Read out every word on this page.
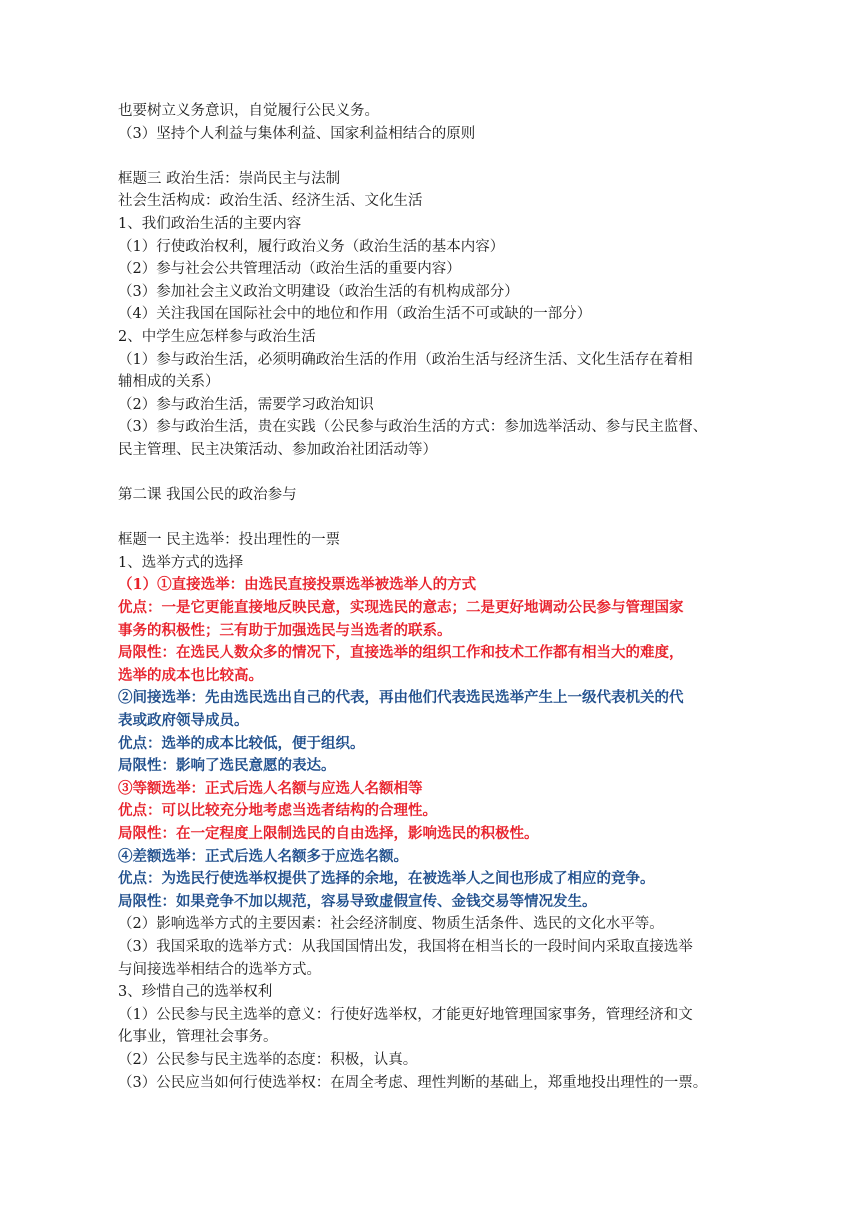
也要树立义务意识，自觉履行公民义务。
（3）坚持个人利益与集体利益、国家利益相结合的原则
框题三 政治生活：崇尚民主与法制
社会生活构成：政治生活、经济生活、文化生活
1、我们政治生活的主要内容
（1）行使政治权利，履行政治义务（政治生活的基本内容）
（2）参与社会公共管理活动（政治生活的重要内容）
（3）参加社会主义政治文明建设（政治生活的有机构成部分）
（4）关注我国在国际社会中的地位和作用（政治生活不可或缺的一部分）
2、中学生应怎样参与政治生活
（1）参与政治生活，必须明确政治生活的作用（政治生活与经济生活、文化生活存在着相
辅相成的关系）
（2）参与政治生活，需要学习政治知识
（3）参与政治生活，贵在实践（公民参与政治生活的方式：参加选举活动、参与民主监督、
民主管理、民主决策活动、参加政治社团活动等）
第二课 我国公民的政治参与
框题一 民主选举：投出理性的一票
1、选举方式的选择
（1）①直接选举：由选民直接投票选举被选举人的方式
优点：一是它更能直接地反映民意，实现选民的意志；二是更好地调动公民参与管理国家
事务的积极性；三有助于加强选民与当选者的联系。
局限性：在选民人数众多的情况下，直接选举的组织工作和技术工作都有相当大的难度，
选举的成本也比较高。
②间接选举：先由选民选出自己的代表，再由他们代表选民选举产生上一级代表机关的代
表或政府领导成员。
优点：选举的成本比较低，便于组织。
局限性：影响了选民意愿的表达。
③等额选举：正式后选人名额与应选人名额相等
优点：可以比较充分地考虑当选者结构的合理性。
局限性：在一定程度上限制选民的自由选择，影响选民的积极性。
④差额选举：正式后选人名额多于应选名额。
优点：为选民行使选举权提供了选择的余地，在被选举人之间也形成了相应的竞争。
局限性：如果竞争不加以规范，容易导致虚假宣传、金钱交易等情况发生。
（2）影响选举方式的主要因素：社会经济制度、物质生活条件、选民的文化水平等。
（3）我国采取的选举方式：从我国国情出发，我国将在相当长的一段时间内采取直接选举
与间接选举相结合的选举方式。
3、珍惜自己的选举权利
（1）公民参与民主选举的意义：行使好选举权，才能更好地管理国家事务，管理经济和文
化事业，管理社会事务。
（2）公民参与民主选举的态度：积极，认真。
（3）公民应当如何行使选举权：在周全考虑、理性判断的基础上，郑重地投出理性的一票。
